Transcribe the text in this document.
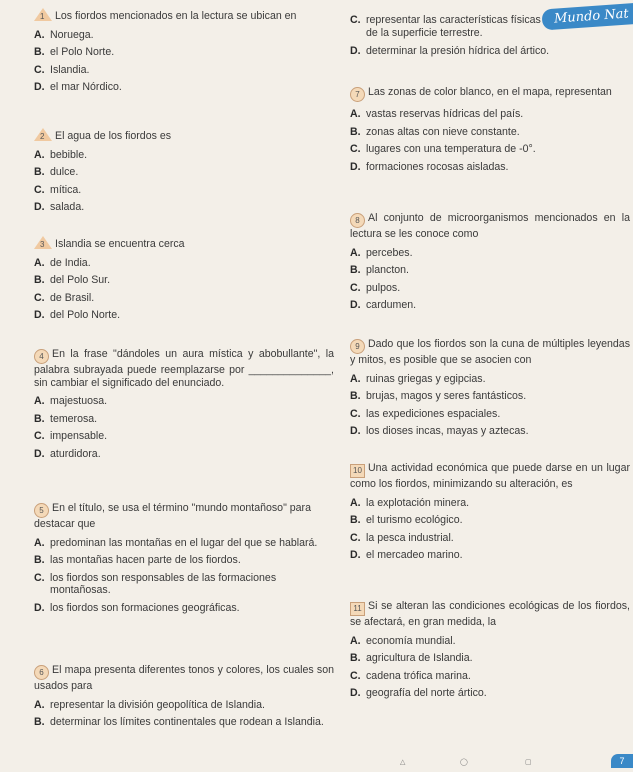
Mundo Nat
1 Los fiordos mencionados en la lectura se ubican en
A. Noruega.
B. el Polo Norte.
C. Islandia.
D. el mar Nórdico.
2 El agua de los fiordos es
A. bebible.
B. dulce.
C. mítica.
D. salada.
3 Islandia se encuentra cerca
A. de India.
B. del Polo Sur.
C. de Brasil.
D. del Polo Norte.
4 En la frase "dándoles un aura mística y abobullante", la palabra subrayada puede reemplazarse por ______________, sin cambiar el significado del enunciado.
A. majestuosa.
B. temerosa.
C. impensable.
D. aturdidora.
5 En el título, se usa el término "mundo montañoso" para destacar que
A. predominan las montañas en el lugar del que se hablará.
B. las montañas hacen parte de los fiordos.
C. los fiordos son responsables de las formaciones montañosas.
D. los fiordos son formaciones geográficas.
6 El mapa presenta diferentes tonos y colores, los cuales son usados para
A. representar la división geopolítica de Islandia.
B. determinar los límites continentales que rodean a Islandia.
C. representar las características físicas de la superficie terrestre.
D. determinar la presión hídrica del ártico.
7 Las zonas de color blanco, en el mapa, representan
A. vastas reservas hídricas del país.
B. zonas altas con nieve constante.
C. lugares con una temperatura de -0°.
D. formaciones rocosas aisladas.
8 Al conjunto de microorganismos mencionados en la lectura se les conoce como
A. percebes.
B. plancton.
C. pulpos.
D. cardumen.
9 Dado que los fiordos son la cuna de múltiples leyendas y mitos, es posible que se asocien con
A. ruinas griegas y egipcias.
B. brujas, magos y seres fantásticos.
C. las expediciones espaciales.
D. los dioses incas, mayas y aztecas.
10 Una actividad económica que puede darse en un lugar como los fiordos, minimizando su alteración, es
A. la explotación minera.
B. el turismo ecológico.
C. la pesca industrial.
D. el mercadeo marino.
11 Si se alteran las condiciones ecológicas de los fiordos, se afectará, en gran medida, la
A. economía mundial.
B. agricultura de Islandia.
C. cadena trófica marina.
D. geografía del norte ártico.
△	◯	▢	7
